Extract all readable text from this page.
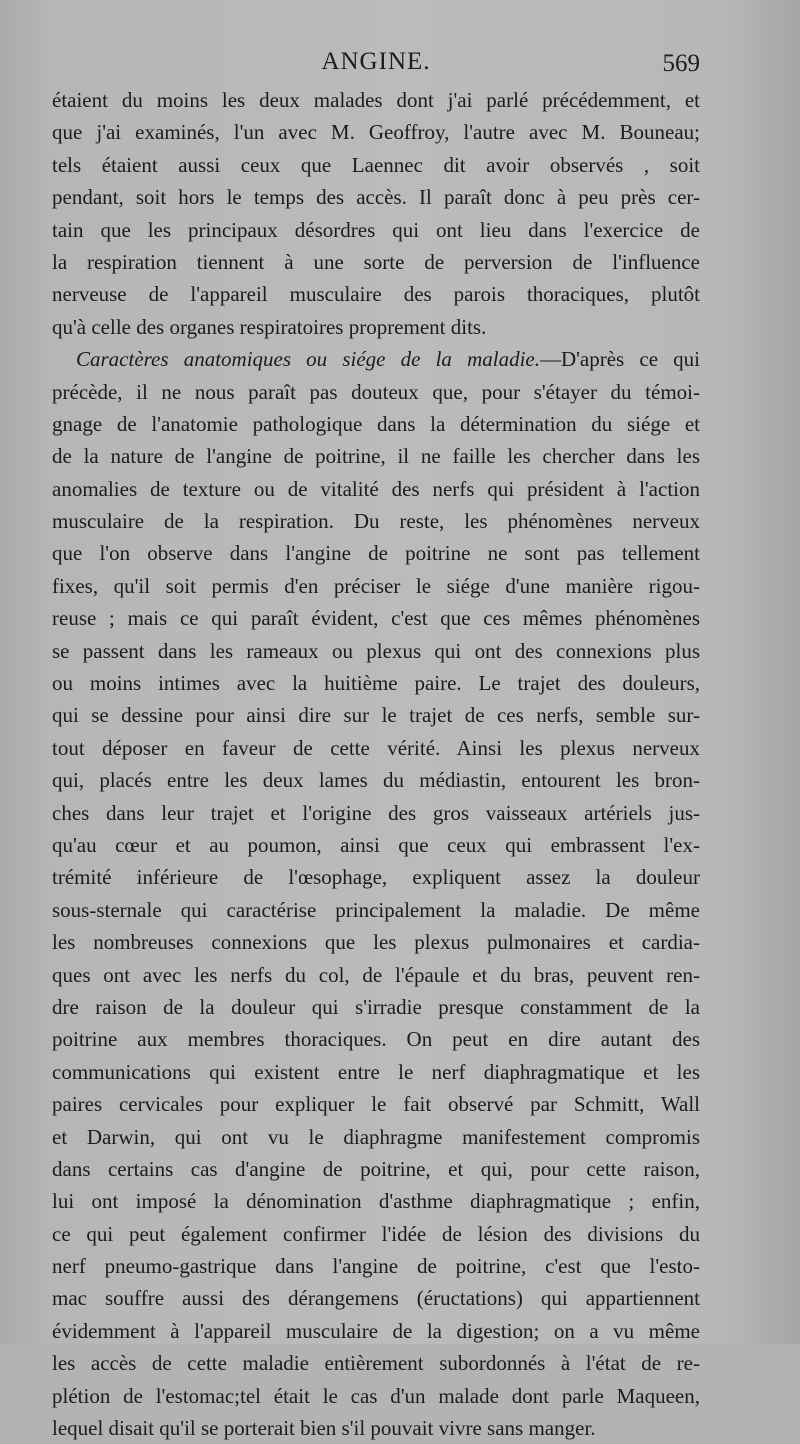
ANGINE.	569
étaient du moins les deux malades dont j'ai parlé précédemment, et
que j'ai examinés, l'un avec M. Geoffroy, l'autre avec M. Bouneau;
tels étaient aussi ceux que Laennec dit avoir observés , soit
pendant, soit hors le temps des accès. Il paraît donc à peu près cer-
tain que les principaux désordres qui ont lieu dans l'exercice de
la respiration tiennent à une sorte de perversion de l'influence
nerveuse de l'appareil musculaire des parois thoraciques, plutôt
qu'à celle des organes respiratoires proprement dits.
Caractères anatomiques ou siége de la maladie.—D'après ce qui
précède, il ne nous paraît pas douteux que, pour s'étayer du témoi-
gnage de l'anatomie pathologique dans la détermination du siége et
de la nature de l'angine de poitrine, il ne faille les chercher dans les
anomalies de texture ou de vitalité des nerfs qui président à l'action
musculaire de la respiration. Du reste, les phénomènes nerveux
que l'on observe dans l'angine de poitrine ne sont pas tellement
fixes, qu'il soit permis d'en préciser le siége d'une manière rigou-
reuse ; mais ce qui paraît évident, c'est que ces mêmes phénomènes
se passent dans les rameaux ou plexus qui ont des connexions plus
ou moins intimes avec la huitième paire. Le trajet des douleurs,
qui se dessine pour ainsi dire sur le trajet de ces nerfs, semble sur-
tout déposer en faveur de cette vérité. Ainsi les plexus nerveux
qui, placés entre les deux lames du médiastin, entourent les bron-
ches dans leur trajet et l'origine des gros vaisseaux artériels jus-
qu'au cœur et au poumon, ainsi que ceux qui embrassent l'ex-
trémité inférieure de l'œsophage, expliquent assez la douleur
sous-sternale qui caractérise principalement la maladie. De même
les nombreuses connexions que les plexus pulmonaires et cardia-
ques ont avec les nerfs du col, de l'épaule et du bras, peuvent ren-
dre raison de la douleur qui s'irradie presque constamment de la
poitrine aux membres thoraciques. On peut en dire autant des
communications qui existent entre le nerf diaphragmatique et les
paires cervicales pour expliquer le fait observé par Schmitt, Wall
et Darwin, qui ont vu le diaphragme manifestement compromis
dans certains cas d'angine de poitrine, et qui, pour cette raison,
lui ont imposé la dénomination d'asthme diaphragmatique ; enfin,
ce qui peut également confirmer l'idée de lésion des divisions du
nerf pneumo-gastrique dans l'angine de poitrine, c'est que l'esto-
mac souffre aussi des dérangemens (éructations) qui appartiennent
évidemment à l'appareil musculaire de la digestion; on a vu même
les accès de cette maladie entièrement subordonnés à l'état de re-
plétion de l'estomac;tel était le cas d'un malade dont parle Maqueen,
lequel disait qu'il se porterait bien s'il pouvait vivre sans manger.
